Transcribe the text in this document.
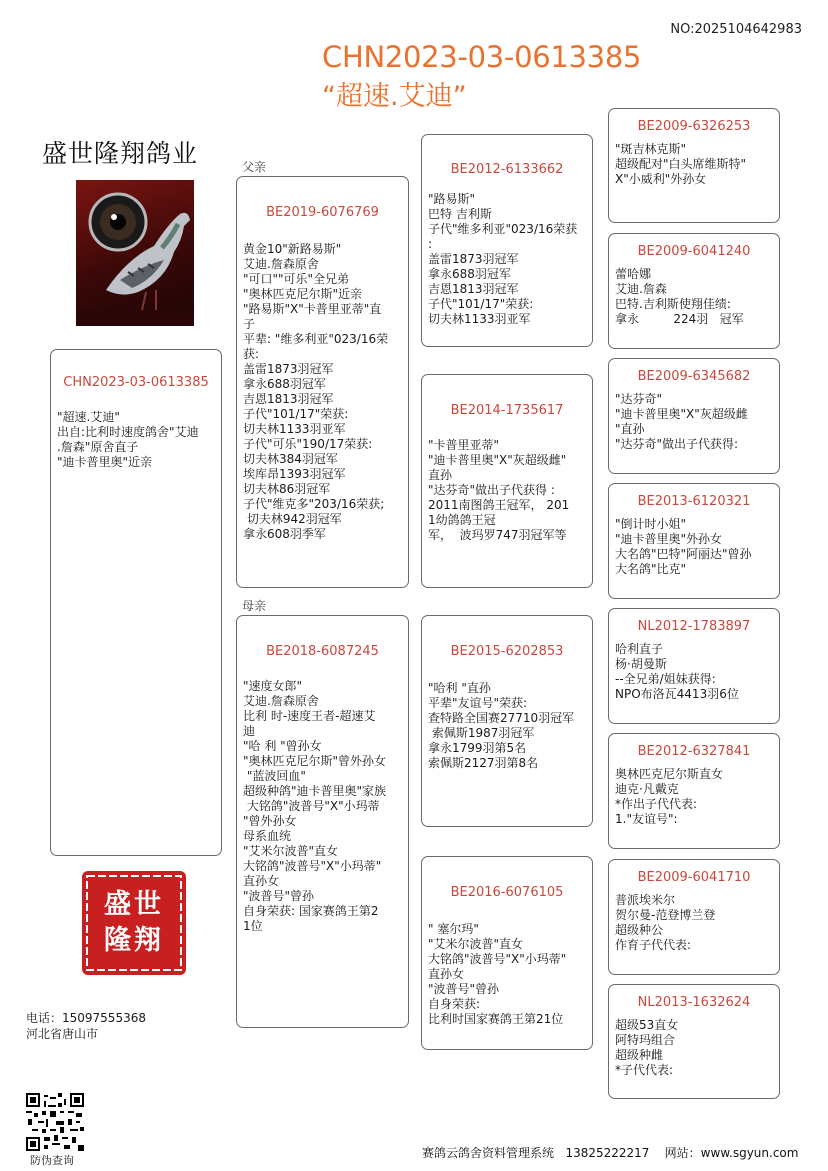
NO:2025104642983
CHN2023-03-0613385
“超速.艾迪”
盛世隆翔鸽业	父亲
母亲
CHN2023-03-0613385
"超速.艾迪"
出自:比利时速度鸽舍"艾迪
.詹森"原舍直子
"迪卡普里奥"近亲
BE2019-6076769
黄金10"新路易斯"
艾迪.詹森原舍
"可口""可乐"全兄弟
"奥林匹克尼尔斯"近亲
"路易斯"X"卡普里亚蒂"直
子
平辈: "维多利亚"023/16荣
获:
盖雷1873羽冠军
拿永688羽冠军
吉恩1813羽冠军
子代"101/17"荣获:
切夫林1133羽亚军
子代"可乐"190/17荣获:
切夫林384羽冠军
埃库昂1393羽冠军
切夫林86羽冠军
子代"维克多"203/16荣获;
切夫林942羽冠军
拿永608羽季军
BE2018-6087245
"速度女郎"
艾迪.詹森原舍
比利 时-速度王者-超速艾
迪
"哈 利 "曾孙女
"奥林匹克尼尔斯"曾外孙女
"蓝波回血"
超级种鸽"迪卡普里奥"家族
大铭鸽"波普号"X"小玛蒂
"曾外孙女
母系血统
"艾米尔波普"直女
大铭鸽"波普号"X"小玛蒂"
直孙女
"波普号"曾孙
自身荣获: 国家赛鸽王第2
1位
BE2012-6133662
"路易斯"
巴特 吉利斯
子代"维多利亚"023/16荣获
:
盖雷1873羽冠军
拿永688羽冠军
吉恩1813羽冠军
子代"101/17"荣获:
切夫林1133羽亚军
BE2014-1735617
"卡普里亚蒂"
"迪卡普里奥"X"灰超级雌"
直孙
"达芬奇"做出子代获得 :
2011南图鸽王冠军， 201
1幼鸽鸽王冠
军，  波玛罗747羽冠军等
BE2015-6202853
"哈利 "直孙
平辈"友谊号"荣获:
查特路全国赛27710羽冠军
索佩斯1987羽冠军
拿永1799羽第5名
索佩斯2127羽第8名
BE2016-6076105
" 塞尔玛"
"艾米尔波普"直女
大铭鸽"波普号"X"小玛蒂"
直孙女
"波普号"曾孙
自身荣获:
比利时国家赛鸽王第21位
BE2009-6326253
"斑吉林克斯"
超级配对"白头席维斯特"
X"小威利"外孙女
BE2009-6041240
蕾哈娜
艾迪.詹森
巴特.吉利斯使翔佳绩:
拿永         224羽   冠军
BE2009-6345682
"达芬奇"
"迪卡普里奥"X"灰超级雌
"直孙
"达芬奇"做出子代获得:
BE2013-6120321
"倒计时小姐"
"迪卡普里奥"外孙女
大名鸽"巴特"阿丽达"曾孙
大名鸽"比克"
NL2012-1783897
哈利直子
杨·胡曼斯
--全兄弟/姐妹获得:
NPO布洛瓦4413羽6位
BE2012-6327841
奥林匹克尼尔斯直女
迪克·凡戴克
*作出子代代表:
1."友谊号":
BE2009-6041710
普派埃米尔
贺尔曼-范登博兰登
超级种公
作育子代代表:
NL2013-1632624
超级53直女
阿特玛组合
超级种雌
*子代代表:
盛世
隆翔
电话：15097555368
河北省唐山市
防伪查询
赛鸽云鸽舍资料管理系统   13825222217    网站：www.sgyun.com
